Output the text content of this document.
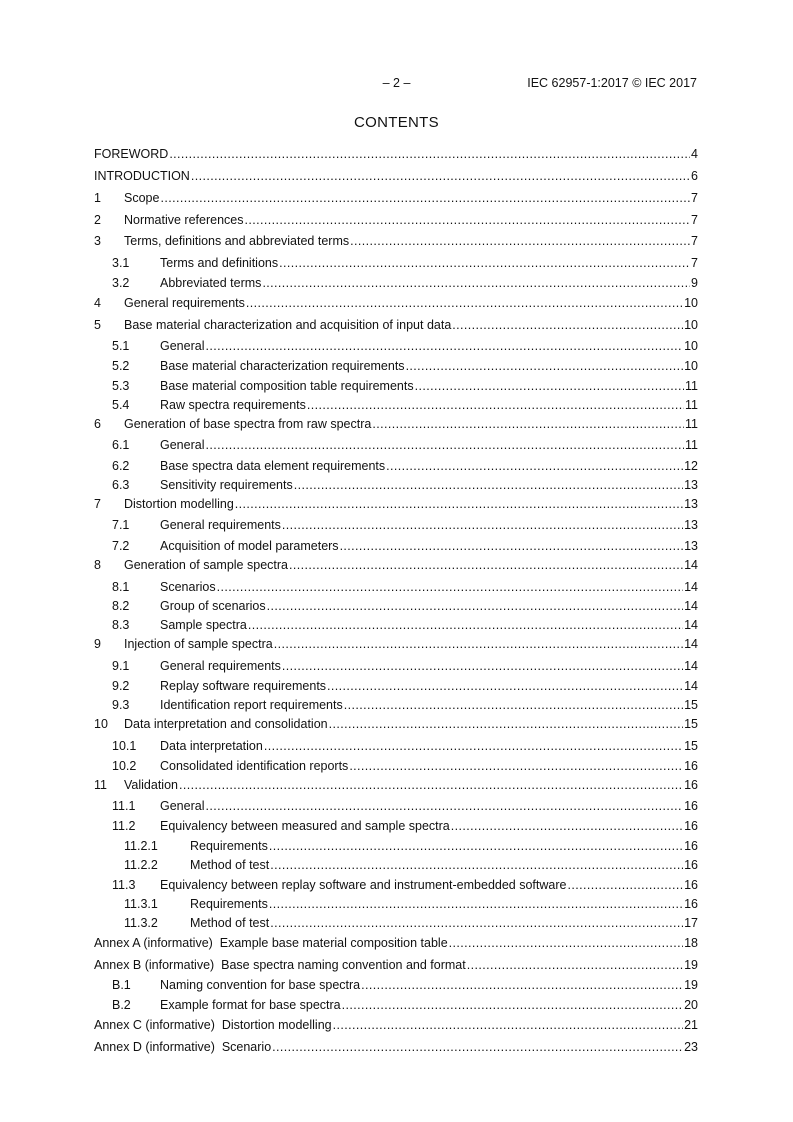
– 2 –	IEC 62957-1:2017 © IEC 2017
CONTENTS
FOREWORD .....	4
INTRODUCTION .....	6
1 Scope .....	7
2 Normative references .....	7
3 Terms, definitions and abbreviated terms .....	7
3.1 Terms and definitions .....	7
3.2 Abbreviated terms .....	9
4 General requirements .....	10
5 Base material characterization and acquisition of input data .....	10
5.1 General .....	10
5.2 Base material characterization requirements .....	10
5.3 Base material composition table requirements .....	11
5.4 Raw spectra requirements .....	11
6 Generation of base spectra from raw spectra .....	11
6.1 General .....	11
6.2 Base spectra data element requirements .....	12
6.3 Sensitivity requirements .....	13
7 Distortion modelling .....	13
7.1 General requirements .....	13
7.2 Acquisition of model parameters .....	13
8 Generation of sample spectra .....	14
8.1 Scenarios .....	14
8.2 Group of scenarios .....	14
8.3 Sample spectra .....	14
9 Injection of sample spectra .....	14
9.1 General requirements .....	14
9.2 Replay software requirements .....	14
9.3 Identification report requirements .....	15
10 Data interpretation and consolidation .....	15
10.1 Data interpretation .....	15
10.2 Consolidated identification reports .....	16
11 Validation .....	16
11.1 General .....	16
11.2 Equivalency between measured and sample spectra .....	16
11.2.1	Requirements .....	16
11.2.2	Method of test .....	16
11.3 Equivalency between replay software and instrument-embedded software .....	16
11.3.1	Requirements .....	16
11.3.2	Method of test .....	17
Annex A (informative)  Example base material composition table .....	18
Annex B (informative)  Base spectra naming convention and format .....	19
B.1 Naming convention for base spectra .....	19
B.2 Example format for base spectra .....	20
Annex C (informative)  Distortion modelling .....	21
Annex D (informative)  Scenario .....	23
